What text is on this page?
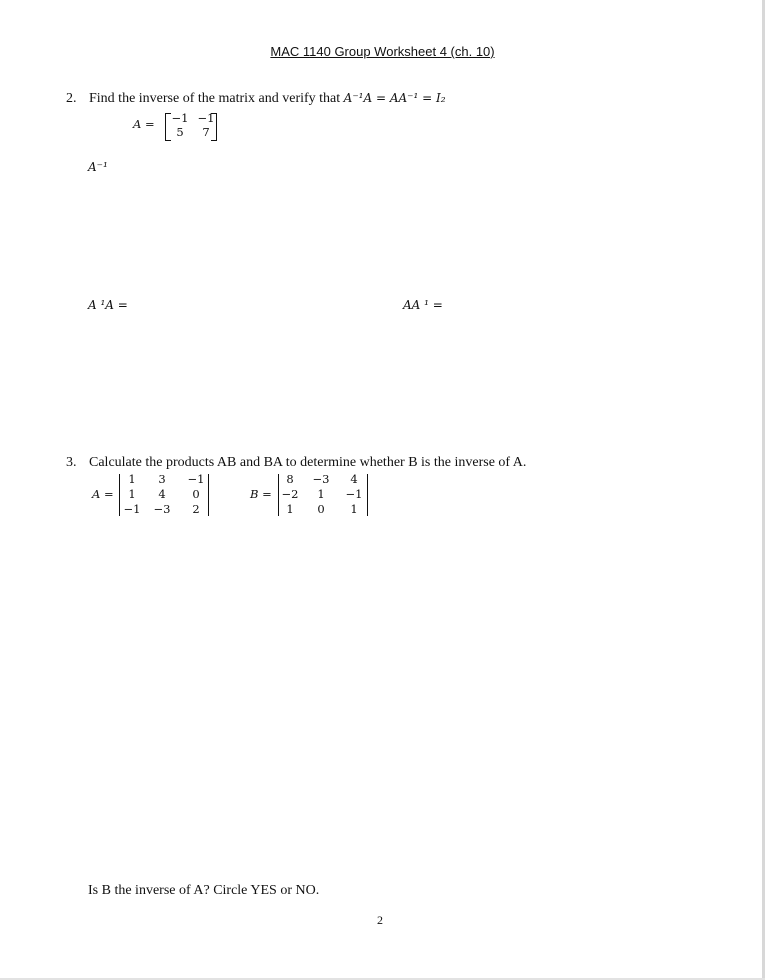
MAC 1140 Group Worksheet 4 (ch. 10)
2. Find the inverse of the matrix and verify that A⁻¹A = AA⁻¹ = I₂
A =	−1 −1
5	7
A⁻¹
A ¹A =	AA ¹ =
3. Calculate the products AB and BA to determine whether B is the inverse of A.
A =
1	3	−1
1	4	0
−1	−3	2
B =
8	−3	4
−2	1	−1
1	0	1
Is B the inverse of A? Circle YES or NO.
2
